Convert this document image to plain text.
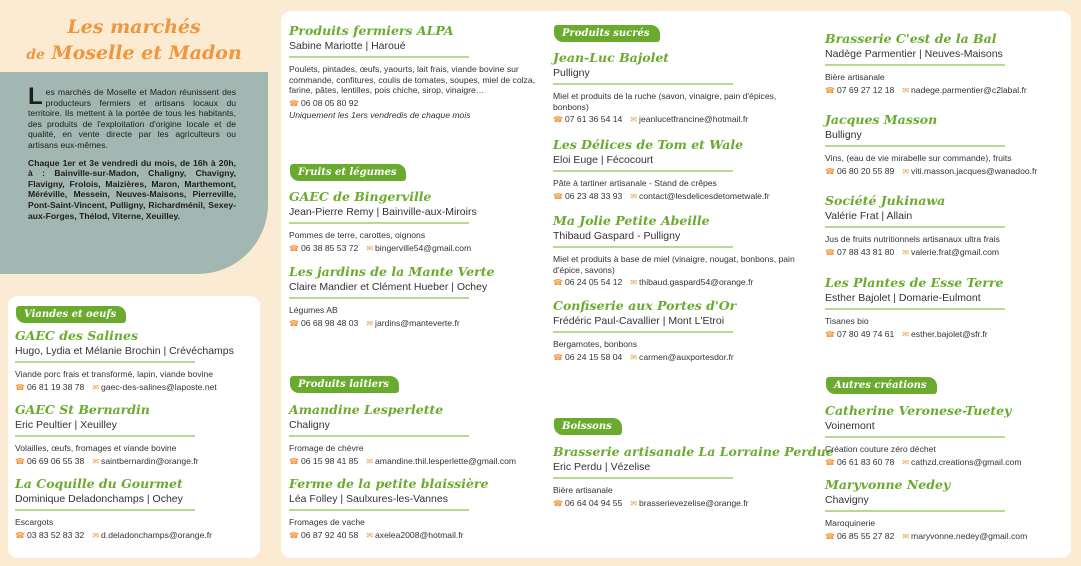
Les marchés
de Moselle et Madon

Les marchés de Moselle et Madon réunissent des producteurs fermiers et artisans locaux du territoire. Ils mettent à la portée de tous les habitants, des produits de l'exploitation d'origine locale et de qualité, en vente directe par les agriculteurs ou artisans eux-mêmes.

Chaque 1er et 3e vendredi du mois, de 16h à 20h, à : Bainville-sur-Madon, Chaligny, Chavigny, Flavigny, Frolois, Maizières, Maron, Marthemont, Méréville, Messein, Neuves-Maisons, Pierreville, Pont-Saint-Vincent, Pulligny, Richardménil, Sexey-aux-Forges, Thélod, Viterne, Xeuilley.

Viandes et oeufs
GAEC des Salines
Hugo, Lydia et Mélanie Brochin | Crévéchamps
Viande porc frais et transformé, lapin, viande bovine
☎ 06 81 19 38 78 ✉ gaec-des-salines@laposte.net
GAEC St Bernardin
Eric Peultier | Xeuilley
Volailles, œufs, fromages et viande bovine
☎ 06 69 06 55 38 ✉ saintbernardin@orange.fr
La Coquille du Gourmet
Dominique Deladonchamps | Ochey
Escargots
☎ 03 83 52 83 32 ✉ d.deladonchamps@orange.fr
Produits fermiers ALPA
Sabine Mariotte | Haroué
Poulets, pintades, œufs, yaourts, lait frais, viande bovine sur commande, confitures, coulis de tomates, soupes, miel de colza, farine, pâtes, lentilles, pois chiche, sirop, vinaigre…
☎ 06 08 05 80 92
Uniquement les 1ers vendredis de chaque mois
Fruits et légumes
GAEC de Bingerville
Jean-Pierre Remy | Bainville-aux-Miroirs
Pommes de terre, carottes, oignons
☎ 06 38 85 53 72 ✉ bingerville54@gmail.com
Les jardins de la Mante Verte
Claire Mandier et Clément Hueber | Ochey
Légumes AB
☎ 06 68 98 48 03 ✉ jardins@manteverte.fr
Produits laitiers
Amandine Lesperlette
Chaligny
Fromage de chèvre
☎ 06 15 98 41 85 ✉ amandine.thil.lesperlette@gmail.com
Ferme de la petite blaissière
Léa Folley | Saulxures-les-Vannes
Fromages de vache
☎ 06 87 92 40 58 ✉ axelea2008@hotmail.fr
Produits sucrés
Jean-Luc Bajolet
Pulligny
Miel et produits de la ruche (savon, vinaigre, pain d'épices, bonbons)
☎ 07 61 36 54 14 ✉ jeanlucetfrancine@hotmail.fr
Les Délices de Tom et Wale
Eloi Euge | Fécocourt
Pâte à tartiner artisanale - Stand de crêpes
☎ 06 23 48 33 93 ✉ contact@lesdelicesdetometwale.fr
Ma Jolie Petite Abeille
Thibaud Gaspard - Pulligny
Miel et produits à base de miel (vinaigre, nougat, bonbons, pain d'épice, savons)
☎ 06 24 05 54 12 ✉ thibaud.gaspard54@orange.fr
Confiserie aux Portes d'Or
Frédéric Paul-Cavallier | Mont L'Etroi
Bergamotes, bonbons
☎ 06 24 15 58 04 ✉ carmen@auxportesdor.fr
Boissons
Brasserie artisanale La Lorraine Perdue
Eric Perdu | Vézelise
Bière artisanale
☎ 06 64 04 94 55 ✉ brasserievezelise@orange.fr
Brasserie C'est de la Bal
Nadège Parmentier | Neuves-Maisons
Bière artisanale
☎ 07 69 27 12 18 ✉ nadege.parmentier@c2labal.fr
Jacques Masson
Bulligny
Vins, (eau de vie mirabelle sur commande), fruits
☎ 06 80 20 55 89 ✉ viti.masson.jacques@wanadoo.fr
Société Jukinawa
Valérie Frat | Allain
Jus de fruits nutritionnels artisanaux ultra frais
☎ 07 88 43 81 80 ✉ valerie.frat@gmail.com
Les Plantes de Esse Terre
Esther Bajolet | Domarie-Eulmont
Tisanes bio
☎ 07 80 49 74 61 ✉ esther.bajolet@sfr.fr
Autres créations
Catherine Veronese-Tuetey
Voinemont
Création couture zéro déchet
☎ 06 61 83 60 78 ✉ cathzd.creations@gmail.com
Maryvonne Nedey
Chavigny
Maroquinerie
☎ 06 85 55 27 82 ✉ maryvonne.nedey@gmail.com
